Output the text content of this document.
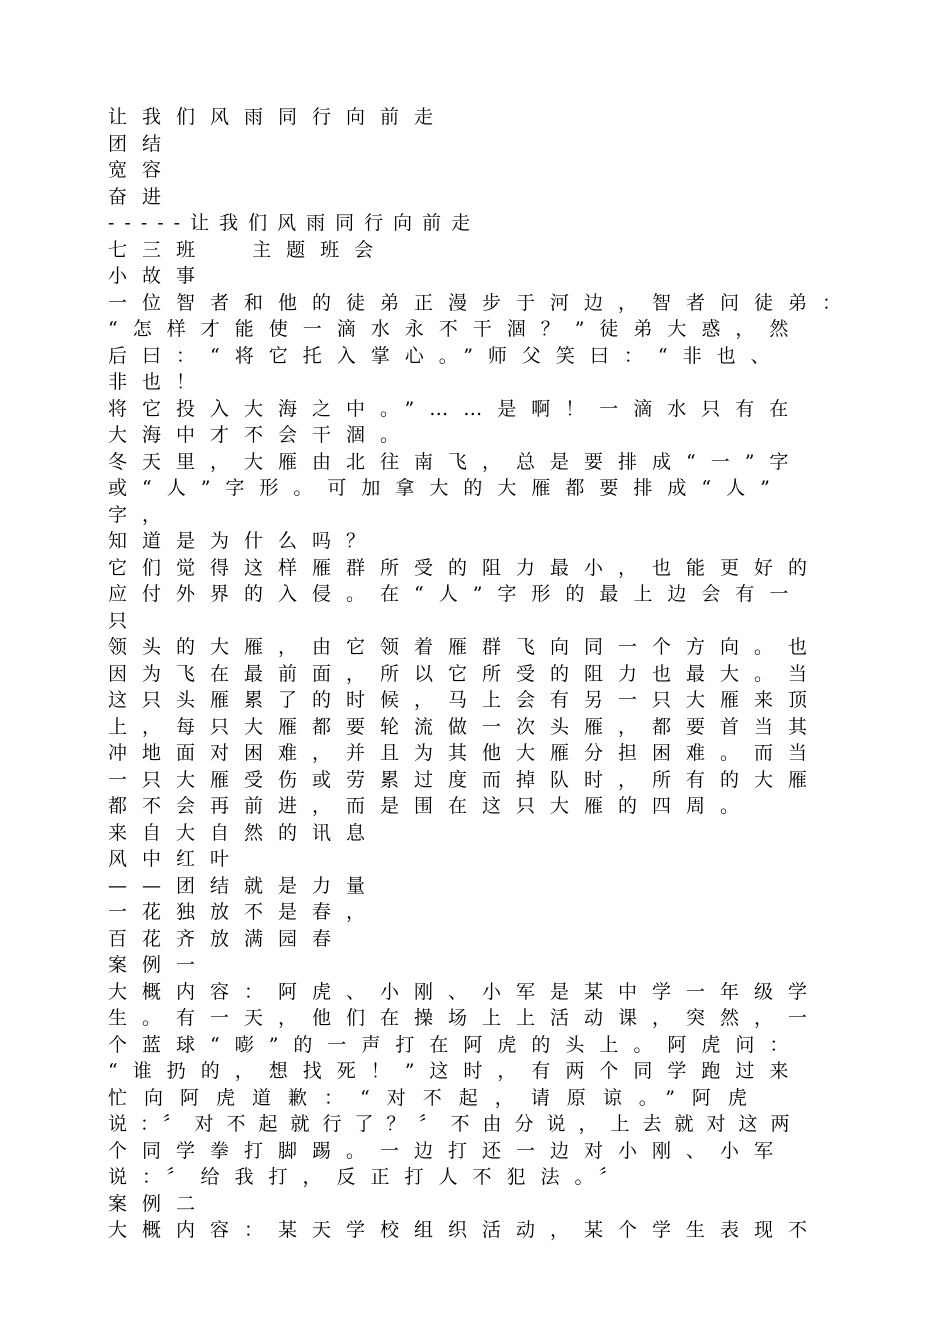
让我们风雨同行向前走
团结
宽容
奋进
-----让我们风雨同行向前走
七三班  主题班会
小故事
一位智者和他的徒弟正漫步于河边，智者问徒弟：
“怎样才能使一滴水永不干涸？”徒弟大惑，然
后曰：“将它托入掌心。”师父笑曰：“非也、
非也！
将它投入大海之中。”……是啊！一滴水只有在
大海中才不会干涸。
冬天里，大雁由北往南飞，总是要排成“一”字
或“人”字形。可加拿大的大雁都要排成“人”
字，
知道是为什么吗？
它们觉得这样雁群所受的阻力最小，也能更好的
应付外界的入侵。在“人”字形的最上边会有一
只
领头的大雁，由它领着雁群飞向同一个方向。也
因为飞在最前面，所以它所受的阻力也最大。当
这只头雁累了的时候，马上会有另一只大雁来顶
上，每只大雁都要轮流做一次头雁，都要首当其
冲地面对困难，并且为其他大雁分担困难。而当
一只大雁受伤或劳累过度而掉队时，所有的大雁
都不会再前进，而是围在这只大雁的四周。
来自大自然的讯息
风中红叶
——团结就是力量
一花独放不是春，
百花齐放满园春
案例一
大概内容：阿虎、小刚、小军是某中学一年级学
生。有一天，他们在操场上上活动课，突然，一
个蓝球“嘭”的一声打在阿虎的头上。阿虎问：
“谁扔的，想找死！”这时，有两个同学跑过来
忙向阿虎道歉：“对不起，请原谅。”阿虎
说：〞对不起就行了？〞不由分说，上去就对这两
个同学拳打脚踢。一边打还一边对小刚、小军
说：〞给我打，反正打人不犯法。〞
案例二
大概内容：某天学校组织活动，某个学生表现不
